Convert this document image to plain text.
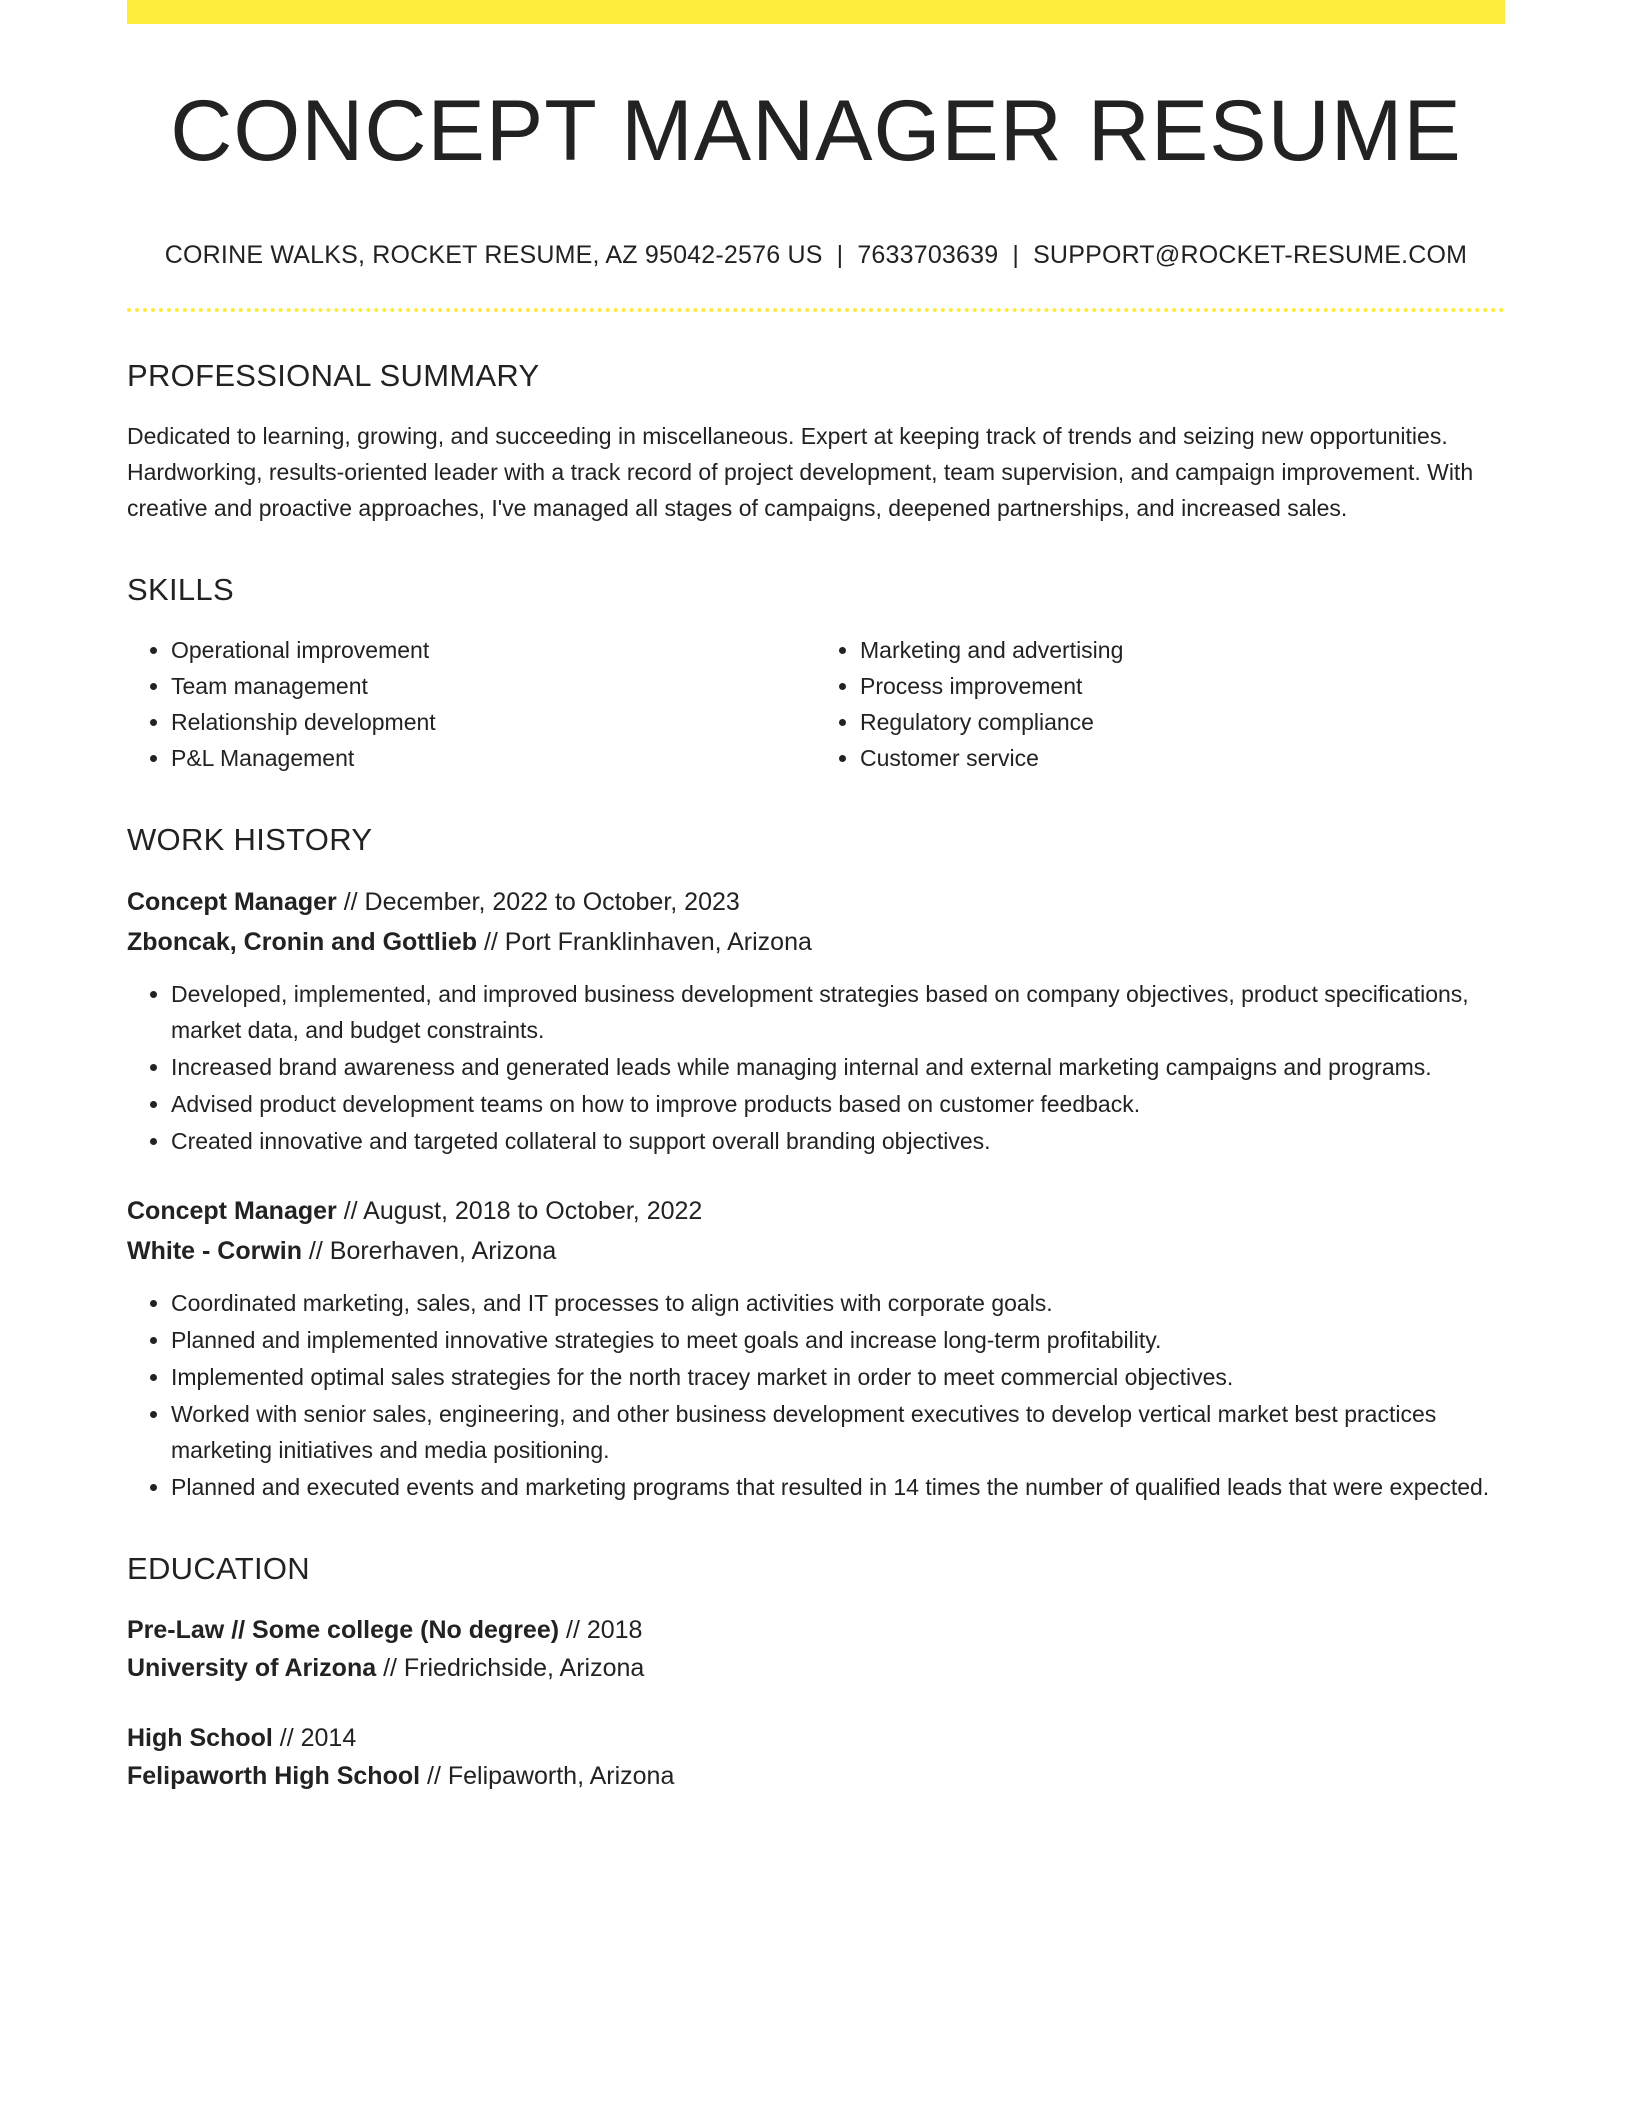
CONCEPT MANAGER RESUME
CORINE WALKS, ROCKET RESUME, AZ 95042-2576 US | 7633703639 | SUPPORT@ROCKET-RESUME.COM
PROFESSIONAL SUMMARY

Dedicated to learning, growing, and succeeding in miscellaneous. Expert at keeping track of trends and seizing new opportunities. Hardworking, results-oriented leader with a track record of project development, team supervision, and campaign improvement. With creative and proactive approaches, I've managed all stages of campaigns, deepened partnerships, and increased sales.

SKILLS
• Operational improvement
• Team management
• Relationship development
• P&L Management
• Marketing and advertising
• Process improvement
• Regulatory compliance
• Customer service
WORK HISTORY
Concept Manager // December, 2022 to October, 2023
Zboncak, Cronin and Gottlieb // Port Franklinhaven, Arizona
• Developed, implemented, and improved business development strategies based on company objectives, product specifications, market data, and budget constraints.
• Increased brand awareness and generated leads while managing internal and external marketing campaigns and programs.
• Advised product development teams on how to improve products based on customer feedback.
• Created innovative and targeted collateral to support overall branding objectives.
Concept Manager // August, 2018 to October, 2022
White - Corwin // Borerhaven, Arizona
• Coordinated marketing, sales, and IT processes to align activities with corporate goals.
• Planned and implemented innovative strategies to meet goals and increase long-term profitability.
• Implemented optimal sales strategies for the north tracey market in order to meet commercial objectives.
• Worked with senior sales, engineering, and other business development executives to develop vertical market best practices marketing initiatives and media positioning.
• Planned and executed events and marketing programs that resulted in 14 times the number of qualified leads that were expected.
EDUCATION
Pre-Law // Some college (No degree) // 2018
University of Arizona // Friedrichside, Arizona
High School // 2014
Felipaworth High School // Felipaworth, Arizona
